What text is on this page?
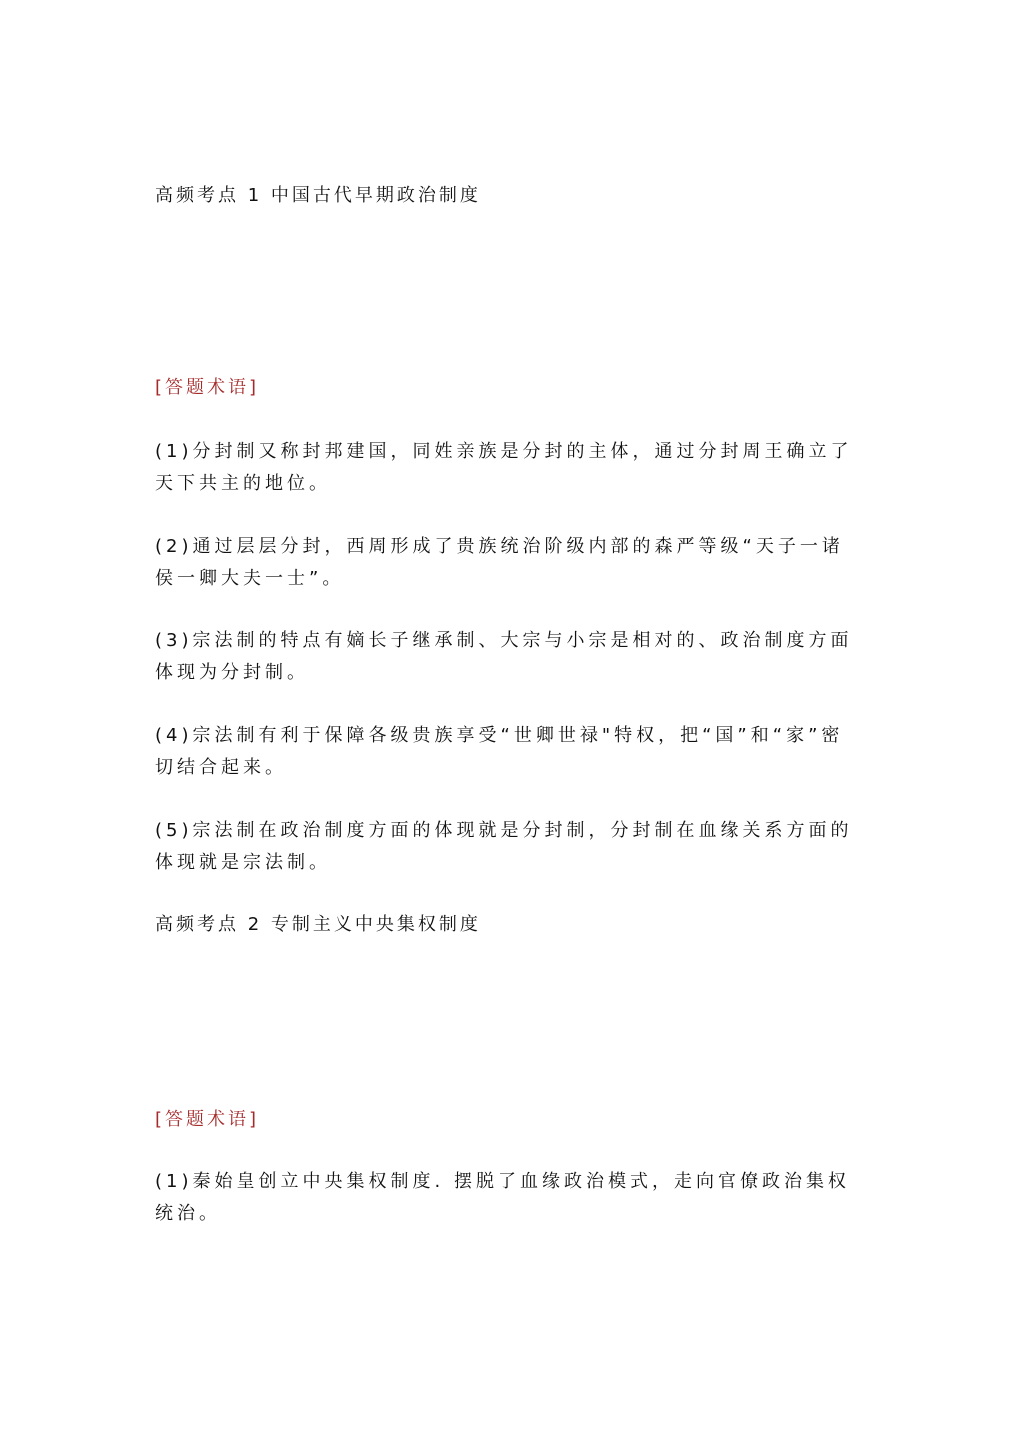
高频考点 1 中国古代早期政治制度
[答题术语]
(1)分封制又称封邦建国，同姓亲族是分封的主体，通过分封周王确立了天下共主的地位。
(2)通过层层分封，西周形成了贵族统治阶级内部的森严等级“天子一诸侯一卿大夫一士”。
(3)宗法制的特点有嫡长子继承制、大宗与小宗是相对的、政治制度方面体现为分封制。
(4)宗法制有利于保障各级贵族享受“世卿世禄"特权，把“国”和“家”密切结合起来。
(5)宗法制在政治制度方面的体现就是分封制，分封制在血缘关系方面的体现就是宗法制。
高频考点 2 专制主义中央集权制度
[答题术语]
(1)秦始皇创立中央集权制度. 摆脱了血缘政治模式，走向官僚政治集权统治。
